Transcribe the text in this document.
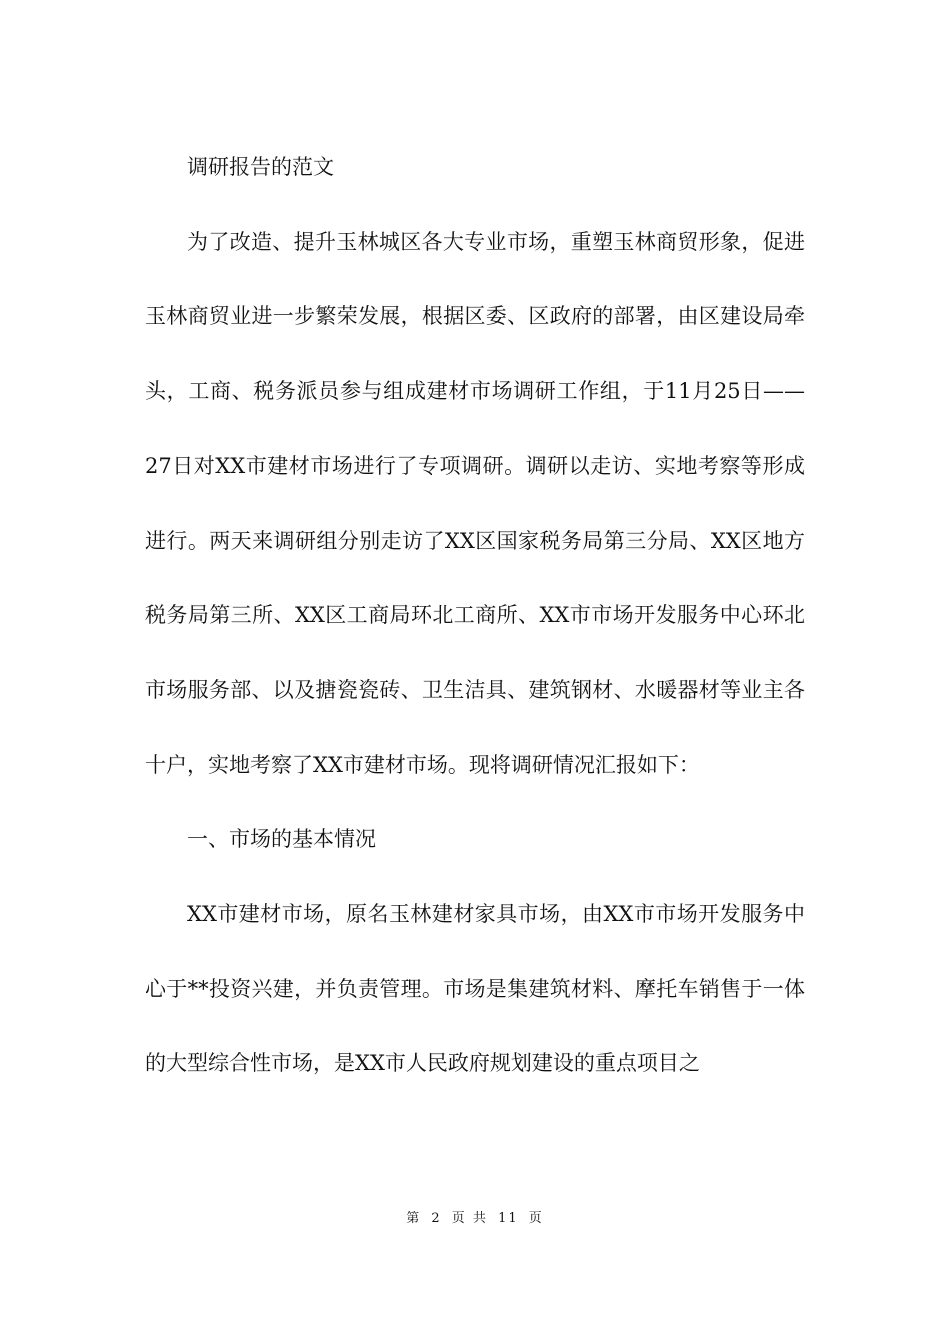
调研报告的范文

为了改造、提升玉林城区各大专业市场，重塑玉林商贸形象，促进玉林商贸业进一步繁荣发展，根据区委、区政府的部署，由区建设局牵头，工商、税务派员参与组成建材市场调研工作组，于11月25日——27日对XX市建材市场进行了专项调研。调研以走访、实地考察等形成进行。两天来调研组分别走访了XX区国家税务局第三分局、XX区地方税务局第三所、XX区工商局环北工商所、XX市市场开发服务中心环北市场服务部、以及搪瓷瓷砖、卫生洁具、建筑钢材、水暖器材等业主各十户，实地考察了XX市建材市场。现将调研情况汇报如下：

一、市场的基本情况

XX市建材市场，原名玉林建材家具市场，由XX市市场开发服务中心于**投资兴建，并负责管理。市场是集建筑材料、摩托车销售于一体的大型综合性市场，是XX市人民政府规划建设的重点项目之

第 2 页 共 11 页
